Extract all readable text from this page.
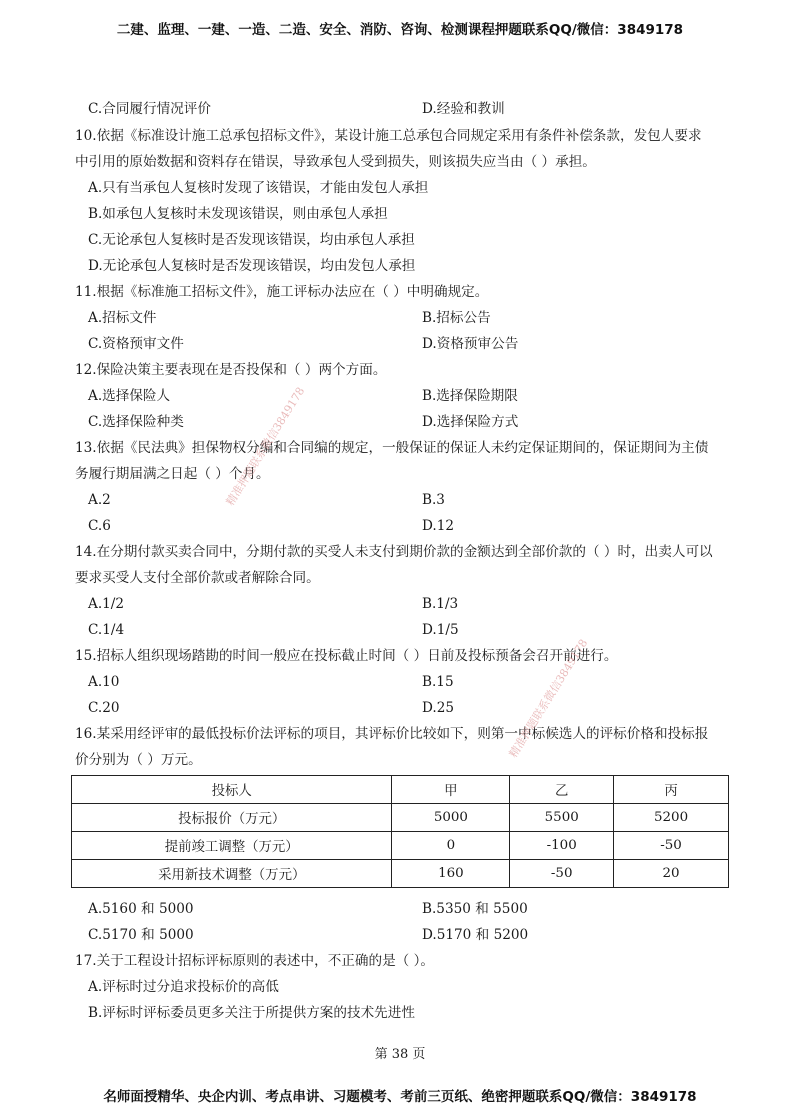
二建、监理、一建、一造、二造、安全、消防、咨询、检测课程押题联系QQ/微信：3849178
C.合同履行情况评价	D.经验和教训
10.依据《标准设计施工总承包招标文件》，某设计施工总承包合同规定采用有条件补偿条款，发包人要求
中引用的原始数据和资料存在错误，导致承包人受到损失，则该损失应当由（ ）承担。
A.只有当承包人复核时发现了该错误，才能由发包人承担
B.如承包人复核时未发现该错误，则由承包人承担
C.无论承包人复核时是否发现该错误，均由承包人承担
D.无论承包人复核时是否发现该错误，均由发包人承担
11.根据《标准施工招标文件》，施工评标办法应在（ ）中明确规定。
A.招标文件	B.招标公告
C.资格预审文件	D.资格预审公告
12.保险决策主要表现在是否投保和（ ）两个方面。
A.选择保险人	B.选择保险期限
C.选择保险种类	D.选择保险方式
13.依据《民法典》担保物权分编和合同编的规定，一般保证的保证人未约定保证期间的，保证期间为主债
务履行期届满之日起（ ）个月。
A.2	B.3
C.6	D.12
14.在分期付款买卖合同中，分期付款的买受人未支付到期价款的金额达到全部价款的（ ）时，出卖人可以
要求买受人支付全部价款或者解除合同。
A.1/2	B.1/3
C.1/4	D.1/5
15.招标人组织现场踏勘的时间一般应在投标截止时间（ ）日前及投标预备会召开前进行。
A.10	B.15
C.20	D.25
16.某采用经评审的最低投标价法评标的项目，其评标价比较如下，则第一中标候选人的评标价格和投标报
价分别为（ ）万元。
投标人	甲	乙	丙
投标报价（万元）	5000	5500	5200
提前竣工调整（万元）	0	-100	-50
采用新技术调整（万元）	160	-50	20
A.5160 和 5000	B.5350 和 5500
C.5170 和 5000	D.5170 和 5200
17.关于工程设计招标评标原则的表述中，不正确的是（ ）。
A.评标时过分追求投标价的高低
B.评标时评标委员更多关注于所提供方案的技术先进性
第 38 页
名师面授精华、央企内训、考点串讲、习题模考、考前三页纸、绝密押题联系QQ/微信：3849178
精准押题联系微信3849178
精准押题联系微信3849178
